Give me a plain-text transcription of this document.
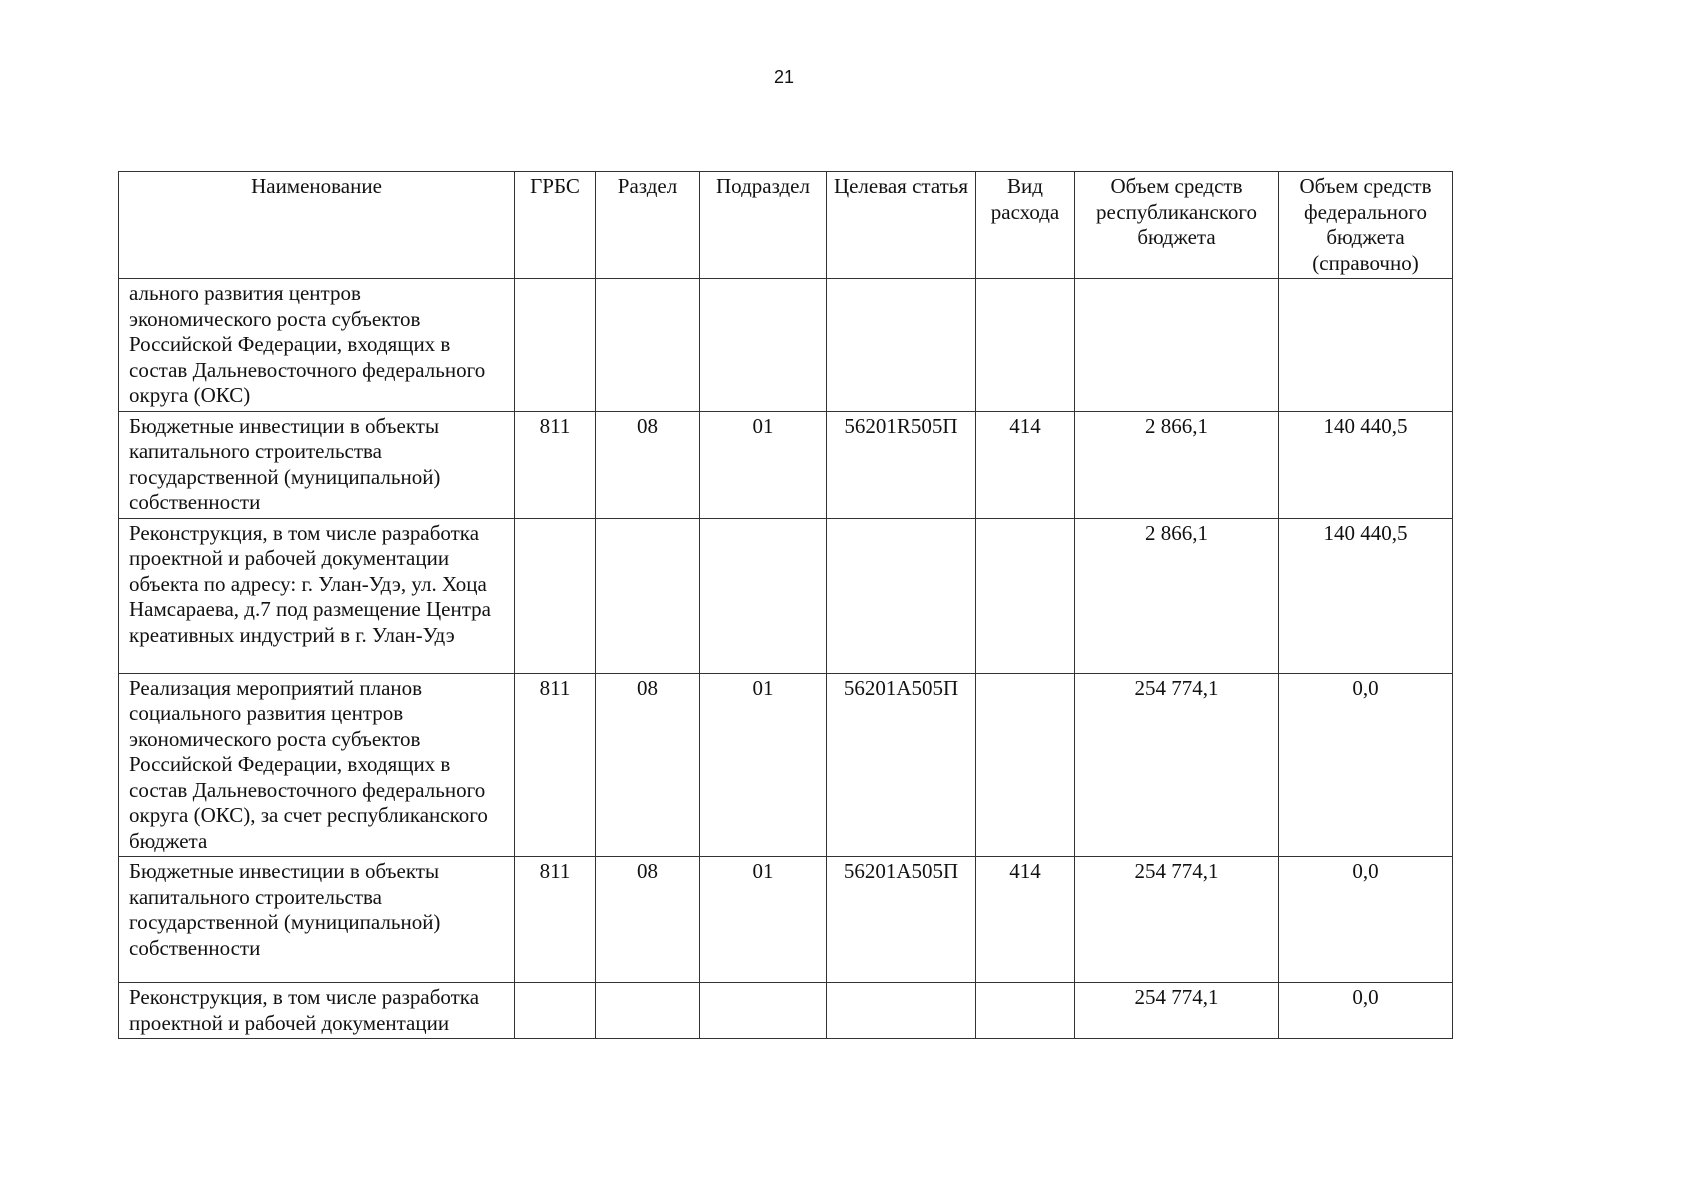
21
Наименование	ГРБС	Раздел	Подраздел	Целевая статья	Вид расхода	Объем средств республиканского бюджета	Объем средств федерального бюджета (справочно)
ального развития центров экономического роста субъектов Российской Федерации, входящих в состав Дальневосточного федерального округа (ОКС)							
Бюджетные инвестиции в объекты капитального строительства государственной (муниципальной) собственности	811	08	01	56201R505П	414	2 866,1	140 440,5
Реконструкция, в том числе разработка проектной и рабочей документации объекта по адресу: г. Улан-Удэ, ул. Хоца Намсараева, д.7 под размещение Центра креативных индустрий в г. Улан-Удэ						2 866,1	140 440,5
Реализация мероприятий планов социального развития центров экономического роста субъектов Российской Федерации, входящих в состав Дальневосточного федерального округа (ОКС), за счет республиканского бюджета	811	08	01	56201А505П		254 774,1	0,0
Бюджетные инвестиции в объекты капитального строительства государственной (муниципальной) собственности	811	08	01	56201А505П	414	254 774,1	0,0
Реконструкция, в том числе разработка проектной и рабочей документации						254 774,1	0,0
